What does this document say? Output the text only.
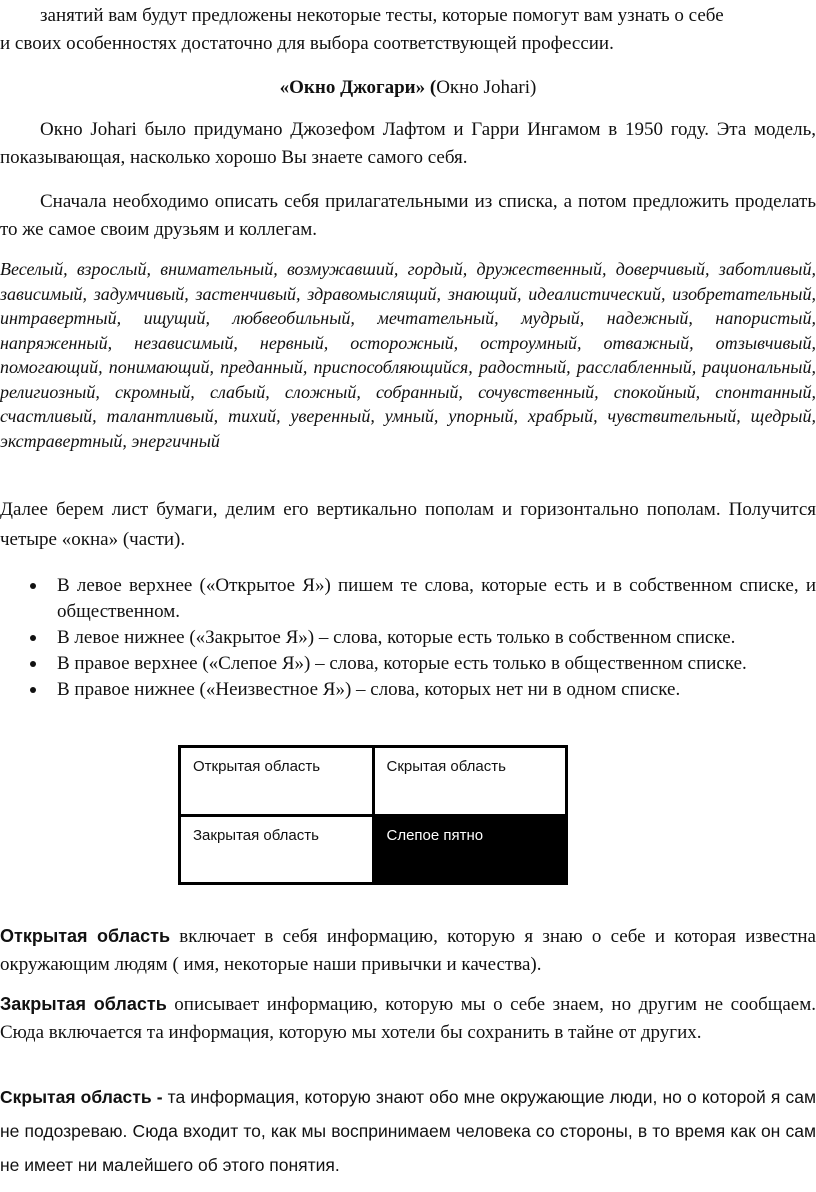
занятий вам будут предложены некоторые тесты, которые помогут вам узнать о себе

и своих особенностях достаточно для выбора соответствующей профессии.

«Окно Джогари» (Окно Johari)

Окно Johari было придумано Джозефом Лафтом и Гарри Ингамом в 1950 году. Эта модель, показывающая, насколько хорошо Вы знаете самого себя.

Сначала необходимо описать себя прилагательными из списка, а потом предложить проделать то же самое своим друзьям и коллегам.

Веселый, взрослый, внимательный, возмужавший, гордый, дружественный, доверчивый, заботливый, зависимый, задумчивый, застенчивый, здравомыслящий, знающий, идеалистический, изобретательный, интравертный, ищущий, любвеобильный, мечтательный, мудрый, надежный, напористый, напряженный, независимый, нервный, осторожный, остроумный, отважный, отзывчивый, помогающий, понимающий, преданный, приспособляющийся, радостный, расслабленный, рациональный, религиозный, скромный, слабый, сложный, собранный, сочувственный, спокойный, спонтанный, счастливый, талантливый, тихий, уверенный, умный, упорный, храбрый, чувствительный, щедрый, экстравертный, энергичный

Далее берем лист бумаги, делим его вертикально пополам и горизонтально пополам. Получится четыре «окна» (части).

В левое верхнее («Открытое Я») пишем те слова, которые есть и в собственном списке, и общественном.
В левое нижнее («Закрытое Я») – слова, которые есть только в собственном списке.
В правое верхнее («Слепое Я») – слова, которые есть только в общественном списке.
В правое нижнее («Неизвестное Я») – слова, которых нет ни в одном списке.
Открытая область	Скрытая область
Закрытая область	Слепое пятно

Открытая область включает в себя информацию, которую я знаю о себе и которая известна окружающим людям ( имя, некоторые наши привычки и качества).

Закрытая область описывает информацию, которую мы о себе знаем, но другим не сообщаем. Сюда включается та информация, которую мы хотели бы сохранить в тайне от других.

Скрытая область - та информация, которую знают обо мне окружающие люди, но о которой я сам не подозреваю. Сюда входит то, как мы воспринимаем человека со стороны, в то время как он сам не имеет ни малейшего об этого понятия.
